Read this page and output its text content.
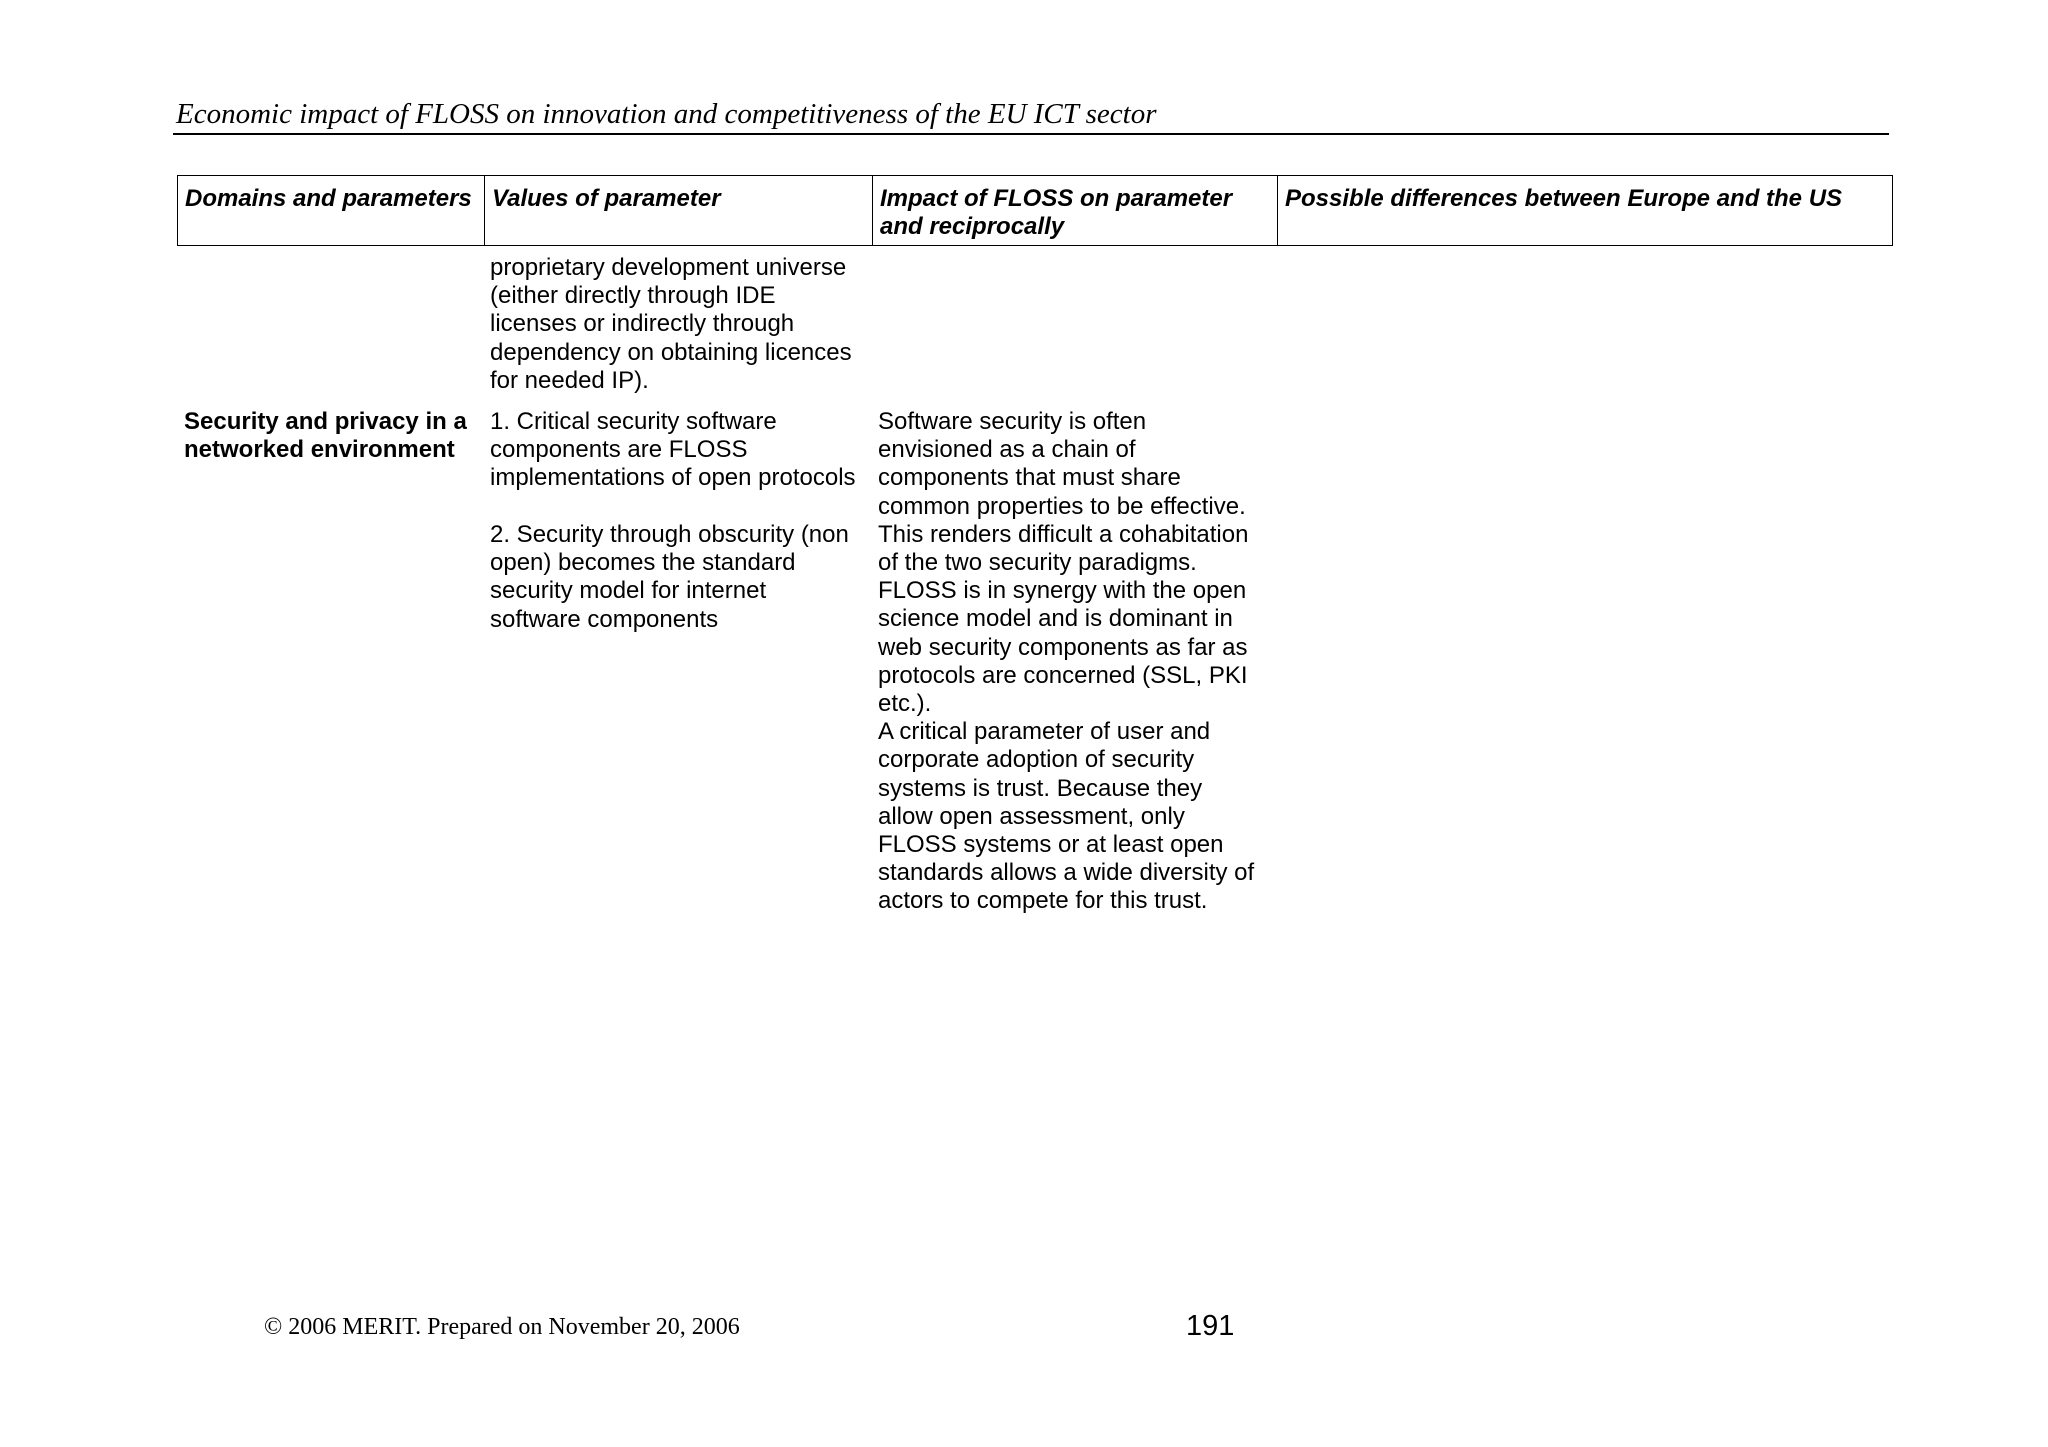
Economic impact of FLOSS on innovation and competitiveness of the EU ICT sector
Domains and parameters Values of parameter	Impact of FLOSS on parameter
and reciprocally
Possible differences between Europe and the US
proprietary development universe
(either directly through IDE
licenses or indirectly through
dependency on obtaining licences
for needed IP).
Security and privacy in a
networked environment
1. Critical security software
components are FLOSS
implementations of open protocols
2. Security through obscurity (non
open) becomes the standard
security model for internet
software components
Software security is often
envisioned as a chain of
components that must share
common properties to be effective.
This renders difficult a cohabitation
of the two security paradigms.
FLOSS is in synergy with the open
science model and is dominant in
web security components as far as
protocols are concerned (SSL, PKI
etc.).
A critical parameter of user and
corporate adoption of security
systems is trust. Because they
allow open assessment, only
FLOSS systems or at least open
standards allows a wide diversity of
actors to compete for this trust.
© 2006 MERIT. Prepared on November 20, 2006	191
